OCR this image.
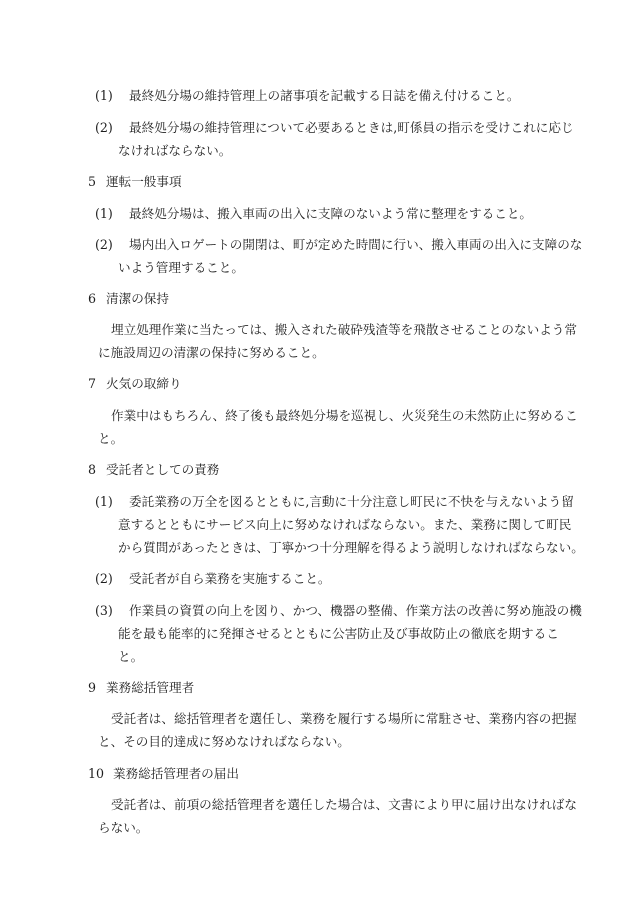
(1) 最終処分場の維持管理上の諸事項を記載する日誌を備え付けること。
(2) 最終処分場の維持管理について必要あるときは,町係員の指示を受けこれに応じ
なければならない。
5 運転一般事項
(1) 最終処分場は、搬入車両の出入に支障のないよう常に整理をすること。
(2) 場内出入ロゲートの開閉は、町が定めた時間に行い、搬入車両の出入に支障のな
いよう管理すること。
6 清潔の保持
埋立処理作業に当たっては、搬入された破砕残渣等を飛散させることのないよう常
に施設周辺の清潔の保持に努めること。
7 火気の取締り
作業中はもちろん、終了後も最終処分場を巡視し、火災発生の未然防止に努めるこ
と。
8 受託者としての責務
(1) 委託業務の万全を図るとともに,言動に十分注意し町民に不快を与えないよう留
意するとともにサービス向上に努めなければならない。また、業務に関して町民
から質問があったときは、丁寧かつ十分理解を得るよう説明しなければならない。
(2) 受託者が自ら業務を実施すること。
(3) 作業員の資質の向上を図り、かつ、機器の整備、作業方法の改善に努め施設の機
能を最も能率的に発揮させるとともに公害防止及び事故防止の徹底を期するこ
と。
9 業務総括管理者
受託者は、総括管理者を選任し、業務を履行する場所に常駐させ、業務内容の把握
と、その目的達成に努めなければならない。
10 業務総括管理者の届出
受託者は、前項の総括管理者を選任した場合は、文書により甲に届け出なければな
らない。
